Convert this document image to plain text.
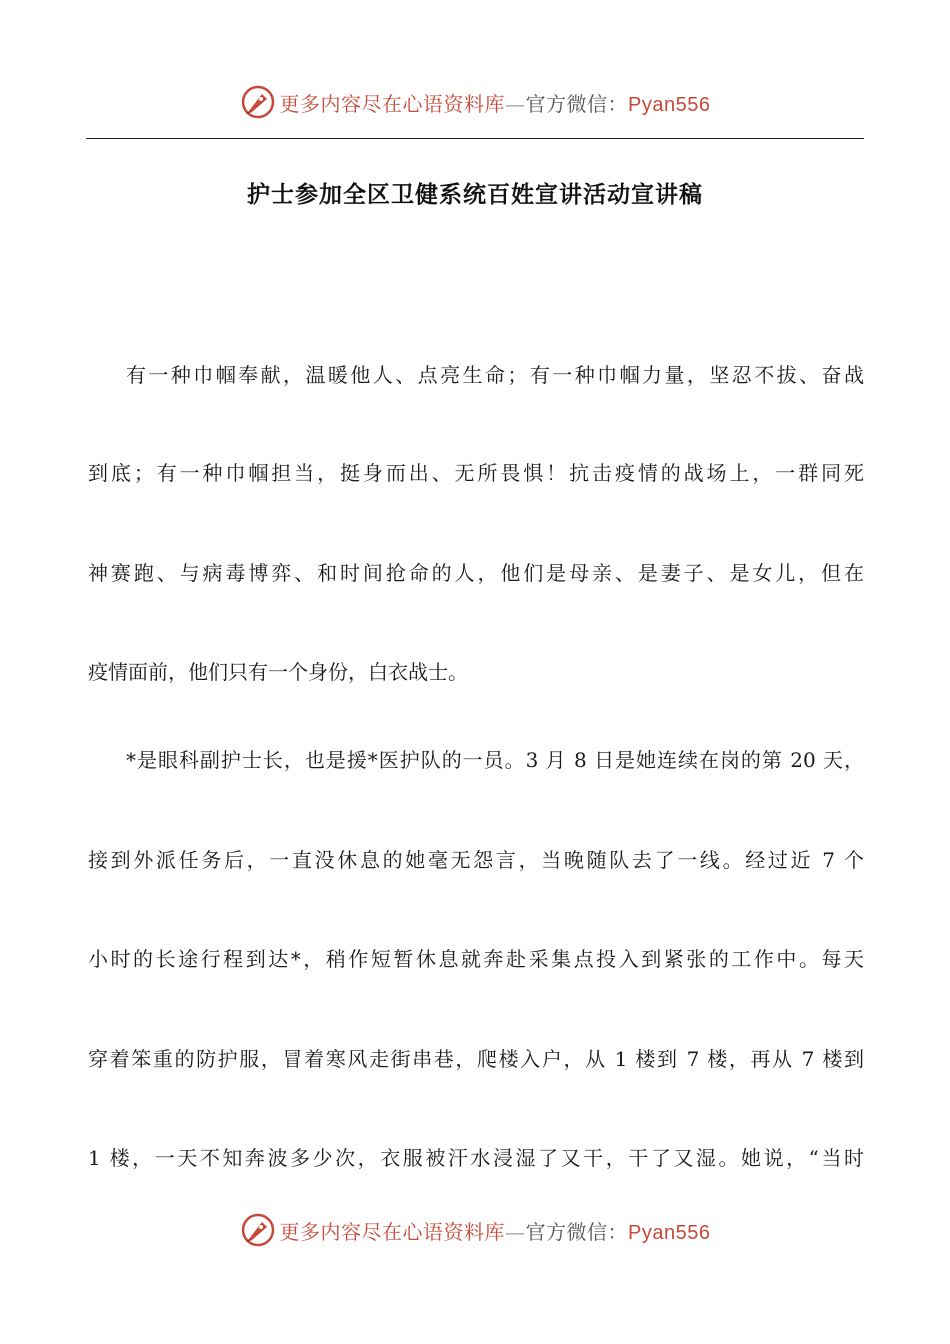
更多内容尽在心语资料库—官方微信：Pyan556
护士参加全区卫健系统百姓宣讲活动宣讲稿
有一种巾帼奉献，温暖他人、点亮生命；有一种巾帼力量，坚忍不拔、奋战
到底；有一种巾帼担当，挺身而出、无所畏惧！抗击疫情的战场上，一群同死
神赛跑、与病毒博弈、和时间抢命的人，他们是母亲、是妻子、是女儿，但在
疫情面前，他们只有一个身份，白衣战士。
*是眼科副护士长，也是援*医护队的一员。3 月 8 日是她连续在岗的第 20 天，
接到外派任务后，一直没休息的她毫无怨言，当晚随队去了一线。经过近 7 个
小时的长途行程到达*，稍作短暂休息就奔赴采集点投入到紧张的工作中。每天
穿着笨重的防护服，冒着寒风走街串巷，爬楼入户，从 1 楼到 7 楼，再从 7 楼到
1 楼，一天不知奔波多少次，衣服被汗水浸湿了又干，干了又湿。她说，“当时
更多内容尽在心语资料库—官方微信：Pyan556
